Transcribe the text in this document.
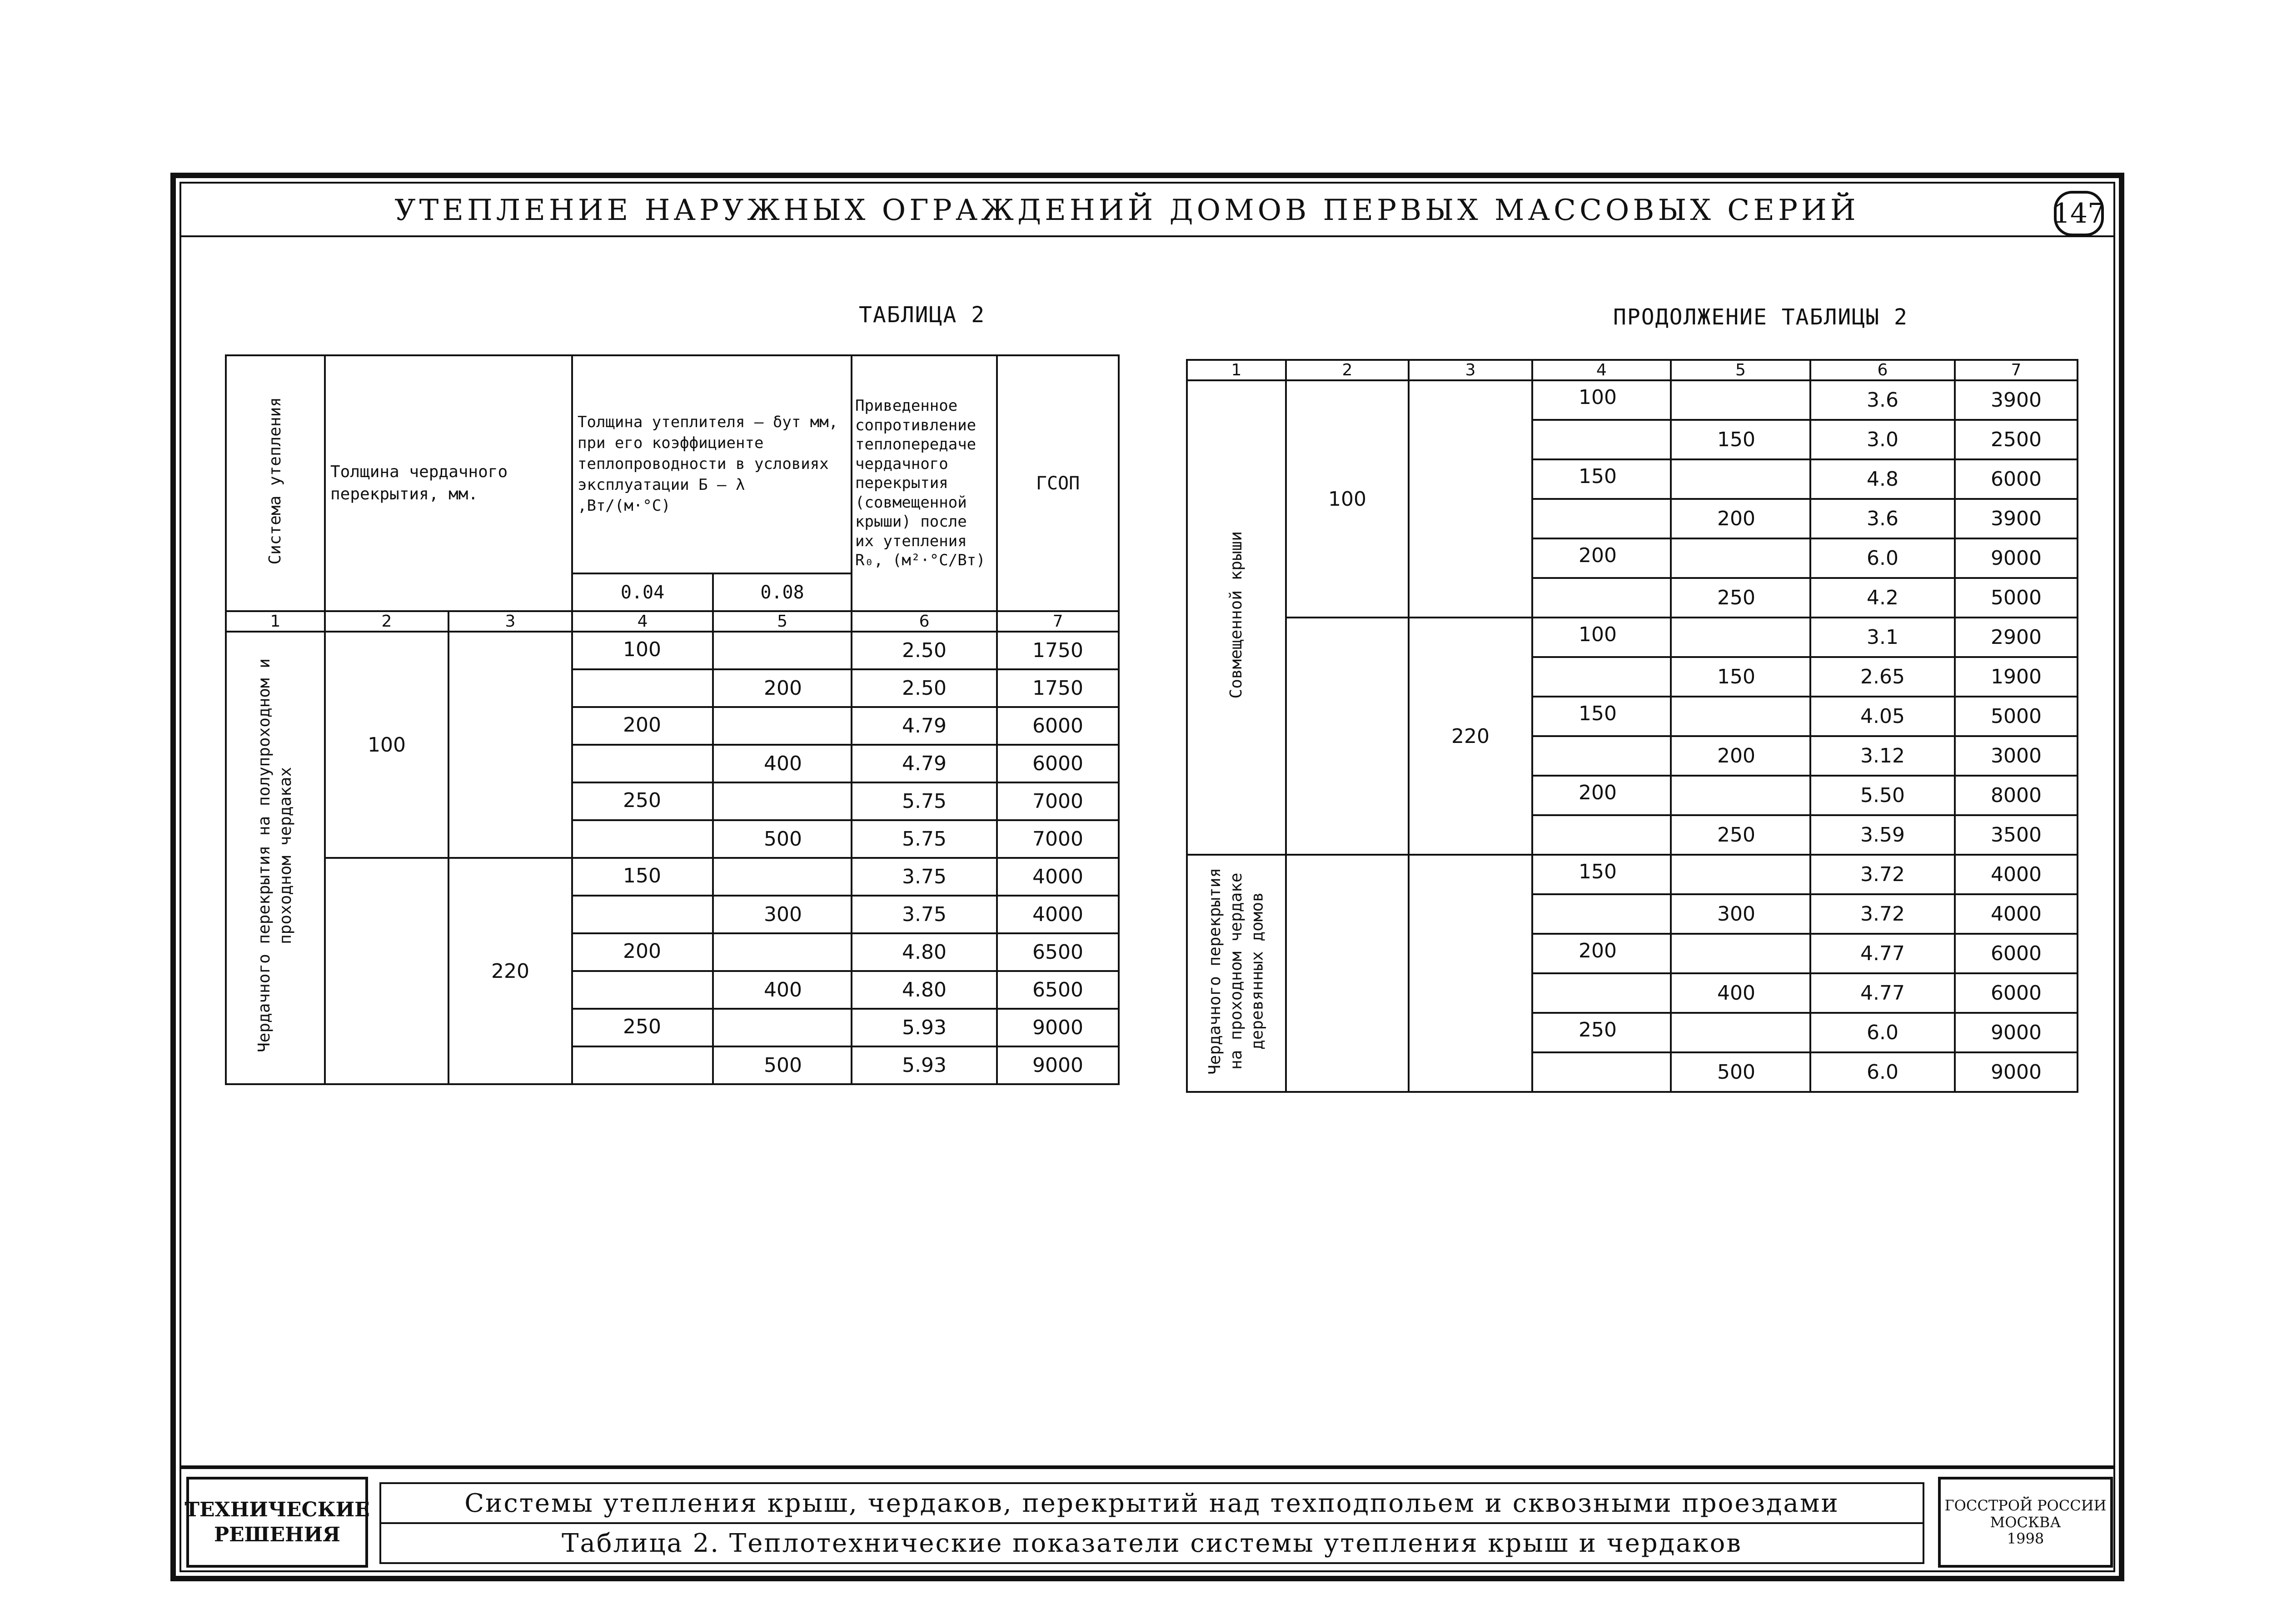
УТЕПЛЕНИЕ НАРУЖНЫХ ОГРАЖДЕНИЙ ДОМОВ ПЕРВЫХ МАССОВЫХ СЕРИЙ	147
ТАБЛИЦА 2
Система утепления	Толщина чердачного перекрытия, мм.		Толщина утеплителя – δут мм, при его коэффициенте теплопроводности в условиях эксплуатации Б – λ ,Вт/(м·°С)		Приведенное сопротивление теплопередаче чердачного перекрытия (совмещенной крыши) после их утепления R₀, (м²·°С/Вт)	ГСОП
			0.04	0.08		
1	2	3	4	5	6	7
Чердачного перекрытия на полупроходном и проходном чердаках	100		100		2.50	1750
				200	2.50	1750
			200		4.79	6000
				400	4.79	6000
			250		5.75	7000
				500	5.75	7000
		220	150		3.75	4000
				300	3.75	4000
			200		4.80	6500
				400	4.80	6500
			250		5.93	9000
				500	5.93	9000
ПРОДОЛЖЕНИЕ ТАБЛИЦЫ 2
1	2	3	4	5	6	7
Совмещенной крыши	100		100		3.6	3900
				150	3.0	2500
			150		4.8	6000
				200	3.6	3900
			200		6.0	9000
				250	4.2	5000
		220	100		3.1	2900
				150	2.65	1900
			150		4.05	5000
				200	3.12	3000
			200		5.50	8000
				250	3.59	3500
Чердачного перекрытия на проходном чердаке деревянных домов			150		3.72	4000
				300	3.72	4000
			200		4.77	6000
				400	4.77	6000
			250		6.0	9000
				500	6.0	9000
ТЕХНИЧЕСКИЕ РЕШЕНИЯ
Системы утепления крыш, чердаков, перекрытий над техподпольем и сквозными проездами
Таблица 2. Теплотехнические показатели системы утепления крыш и чердаков
ГОССТРОЙ РОССИИ
МОСКВА
1998
